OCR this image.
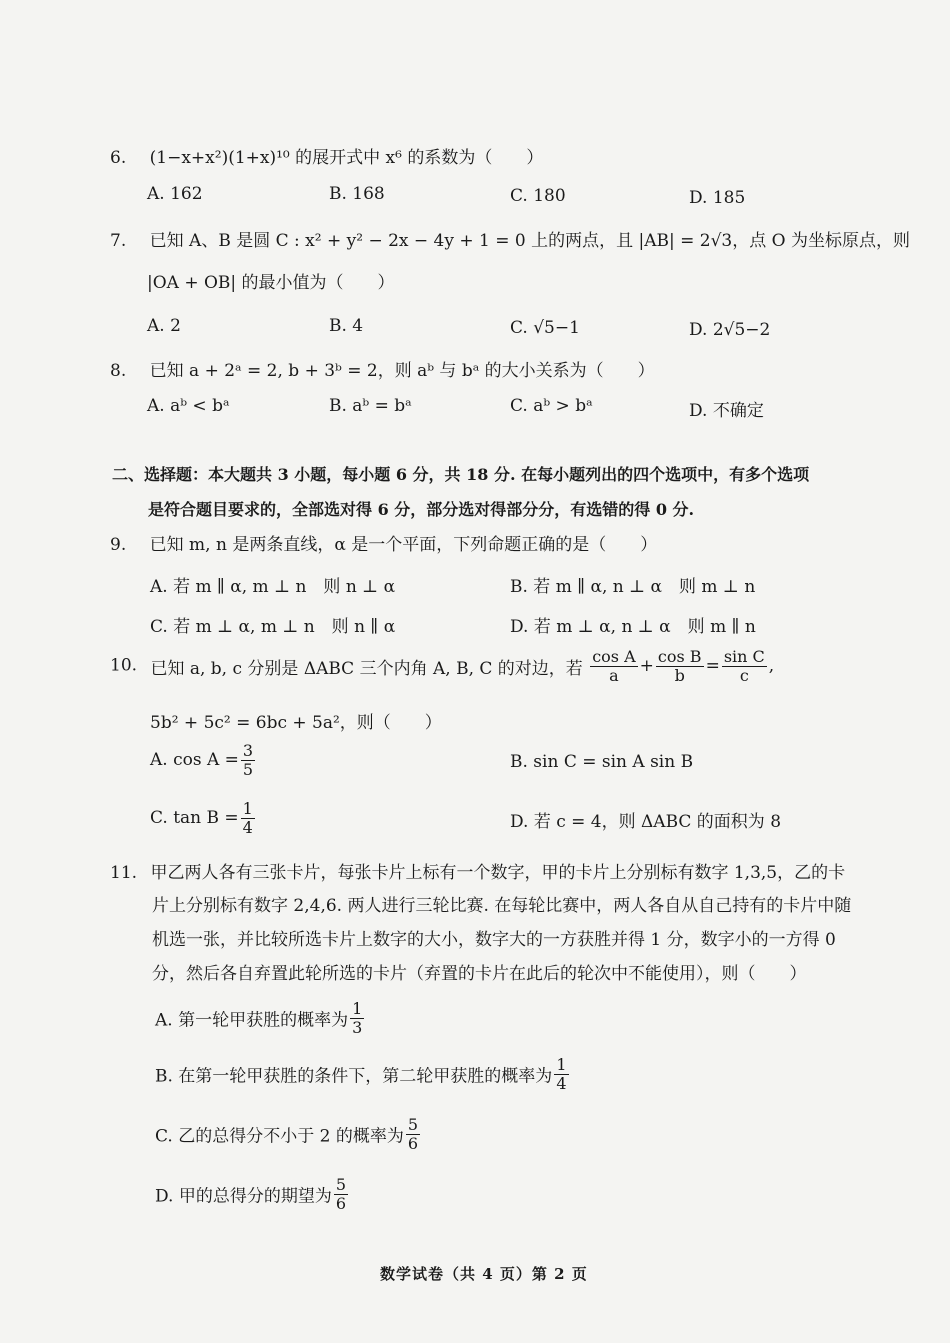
6. (1−x+x²)(1+x)¹⁰ 的展开式中 x⁶ 的系数为（　　）
A. 162	B. 168	C. 180	D. 185
7. 已知 A、B 是圆 C : x² + y² − 2x − 4y + 1 = 0 上的两点，且 |AB| = 2√3，点 O 为坐标原点，则
|OA + OB| 的最小值为（　　）
A. 2	B. 4	C. √5−1	D. 2√5−2
8. 已知 a + 2ᵃ = 2, b + 3ᵇ = 2，则 aᵇ 与 bᵃ 的大小关系为（　　）
A. aᵇ < bᵃ	B. aᵇ = bᵃ	C. aᵇ > bᵃ	D. 不确定
二、选择题：本大题共 3 小题，每小题 6 分，共 18 分. 在每小题列出的四个选项中，有多个选项
是符合题目要求的，全部选对得 6 分，部分选对得部分分，有选错的得 0 分.
9. 已知 m, n 是两条直线，α 是一个平面，下列命题正确的是（　　）
A. 若 m ∥ α, m ⊥ n　则 n ⊥ α	B. 若 m ∥ α, n ⊥ α　则 m ⊥ n
C. 若 m ⊥ α, m ⊥ n　则 n ∥ α	D. 若 m ⊥ α, n ⊥ α　则 m ∥ n
10. 已知 a, b, c 分别是 ΔABC 三个内角 A, B, C 的对边，若 $\frac{\text{cos A}}{a} + \frac{\text{cos B}}{b} = \frac{\text{sin C}}{c}$ ,
5b² + 5c² = 6bc + 5a²，则（　　）
A. $\cos A = \frac{3}{5}$	B. sin C = sin A sin B
C. $\tan B = \frac{1}{4}$	D. 若 c = 4，则 ΔABC 的面积为 8
11. 甲乙两人各有三张卡片，每张卡片上标有一个数字，甲的卡片上分别标有数字 1,3,5，乙的卡
片上分别标有数字 2,4,6. 两人进行三轮比赛. 在每轮比赛中，两人各自从自己持有的卡片中随
机选一张，并比较所选卡片上数字的大小，数字大的一方获胜并得 1 分，数字小的一方得 0
分，然后各自弃置此轮所选的卡片（弃置的卡片在此后的轮次中不能使用），则（　　）
A. 第一轮甲获胜的概率为 $\frac{1}{3}$
B. 在第一轮甲获胜的条件下，第二轮甲获胜的概率为 $\frac{1}{4}$
C. 乙的总得分不小于 2 的概率为 $\frac{5}{6}$
D. 甲的总得分的期望为 $\frac{5}{6}$
数学试卷（共 4 页）第 2 页
